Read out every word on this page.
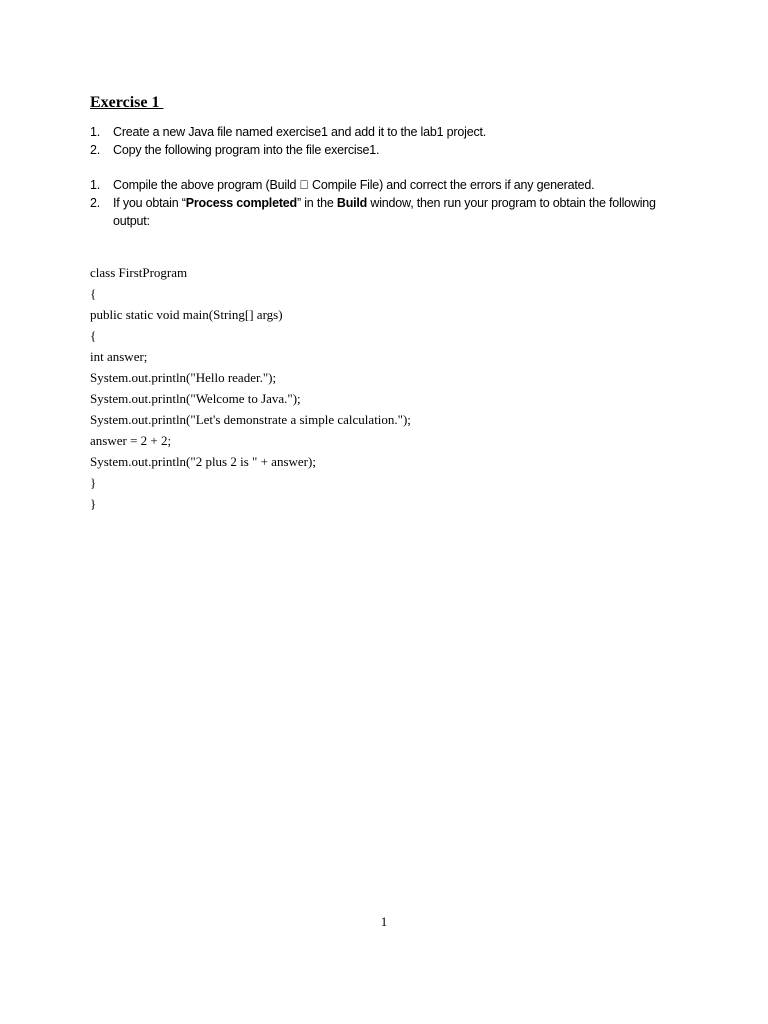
Exercise 1
1. Create a new Java file named exercise1 and add it to the lab1 project.
2. Copy the following program into the file exercise1.
1. Compile the above program (Build   Compile File) and correct the errors if any generated.
2. If you obtain “Process completed” in the Build window, then run your program to obtain the following output:
class FirstProgram
{
public static void main(String[] args)
{
int answer;
System.out.println("Hello reader.");
System.out.println("Welcome to Java.");
System.out.println("Let's demonstrate a simple calculation.");
answer = 2 + 2;
System.out.println("2 plus 2 is " + answer);
}
}
1
